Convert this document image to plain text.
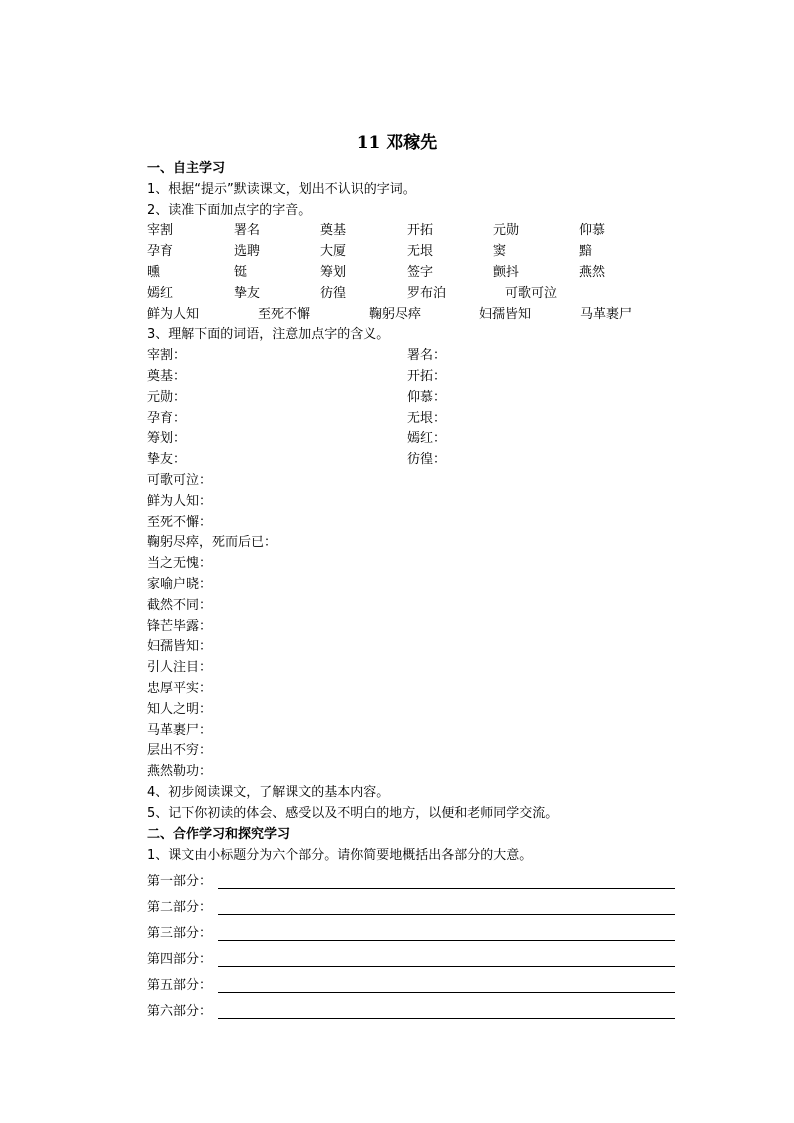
11 邓稼先
一、自主学习
1、根据“提示”默读课文，划出不认识的字词。
2、读准下面加点字的字音。
宰割	署名	奠基	开拓	元勋	仰慕
孕育	选聘	大厦	无垠	窦	黯
曛	铤	筹划	签字	颤抖	燕然
嫣红	挚友	彷徨	罗布泊	可歌可泣
鲜为人知	至死不懈	鞠躬尽瘁	妇孺皆知	马革裹尸
3、理解下面的词语，注意加点字的含义。
宰割：	署名：
奠基：	开拓：
元勋：	仰慕：
孕育：	无垠：
筹划：	嫣红：
挚友：	彷徨：
可歌可泣：
鲜为人知：
至死不懈：
鞠躬尽瘁，死而后已：
当之无愧：
家喻户晓：
截然不同：
锋芒毕露：
妇孺皆知：
引人注目：
忠厚平实：
知人之明：
马革裹尸：
层出不穷：
燕然勒功：
4、初步阅读课文，了解课文的基本内容。
5、记下你初读的体会、感受以及不明白的地方，以便和老师同学交流。
二、合作学习和探究学习
1、课文由小标题分为六个部分。请你简要地概括出各部分的大意。
第一部分：
第二部分：
第三部分：
第四部分：
第五部分：
第六部分：
